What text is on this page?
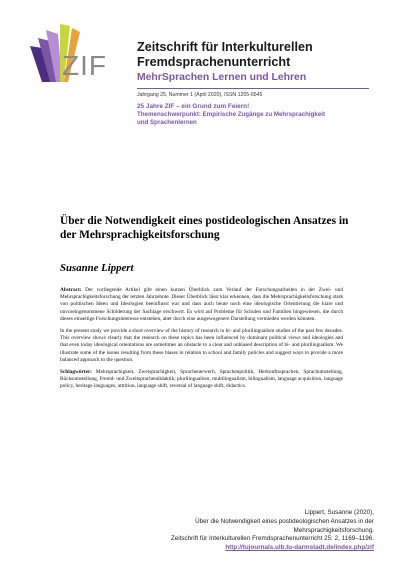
ZIF
Zeitschrift für Interkulturellen Fremdsprachenunterricht
MehrSprachen Lernen und Lehren
Jahrgang 25, Nummer 1 (April 2020), ISSN 1205-6545
25 Jahre ZIF – ein Grund zum Feiern!
Themenschwerpunkt: Empirische Zugänge zu Mehrsprachigkeit und Sprachenlernen
Über die Notwendigkeit eines postideologischen Ansatzes in der Mehrsprachigkeitsforschung
Susanne Lippert

Abstract: Der vorliegende Artikel gibt einen kurzen Überblick zum Verlauf der Forschungsarbeiten in der Zwei- und Mehrsprachigkeitsforschung der letzten Jahrzehnte. Dieser Überblick lässt klar erkennen, dass die Mehrsprachigkeitsforschung stark von politischen Ideen und Ideologien beeinflusst war und dass auch heute noch eine ideologische Orientierung die klare und unvoreingenommene Schilderung der Sachlage erschwert. Es wird auf Probleme für Schulen und Familien hingewiesen, die durch dieses einseitige Forschungsinteresse entstehen, aber durch eine ausgewogenere Darstellung vermieden werden könnten.

In the present study we provide a short overview of the history of research in bi- and plurilingualism studies of the past few decades. This overview shows clearly that the research on these topics has been influenced by dominant political views and ideologies and that even today ideological orientations are sometimes an obstacle to a clear and unbiased description of bi- and plurilingualism. We illustrate some of the issues resulting from these biases in relation to school and family policies and suggest ways to provide a more balanced approach to the question.

Schlagwörter: Mehrsprachigkeit, Zweisprachigkeit, Sprachenerwerb, Sprachenpolitik, Herkunftssprachen, Sprachumstellung, Rücksumstellung, Fremd- und Zweitsprachendidaktik; plurilingualism, multilingualism, bilingualism, language acquisition, language policy, heritage languages, attrition, language shift, reversal of language shift, didactics.

Lippert, Susanne (2020),
Über die Notwendigkeit eines postideologischen Ansatzes in der
Mehrsprachigkeitsforschung.
Zeitschrift für Interkulturellen Fremdsprachenunterricht 25: 2, 1169–1196.
http://tujournals.ulb.tu-darmstadt.de/index.php/zif
